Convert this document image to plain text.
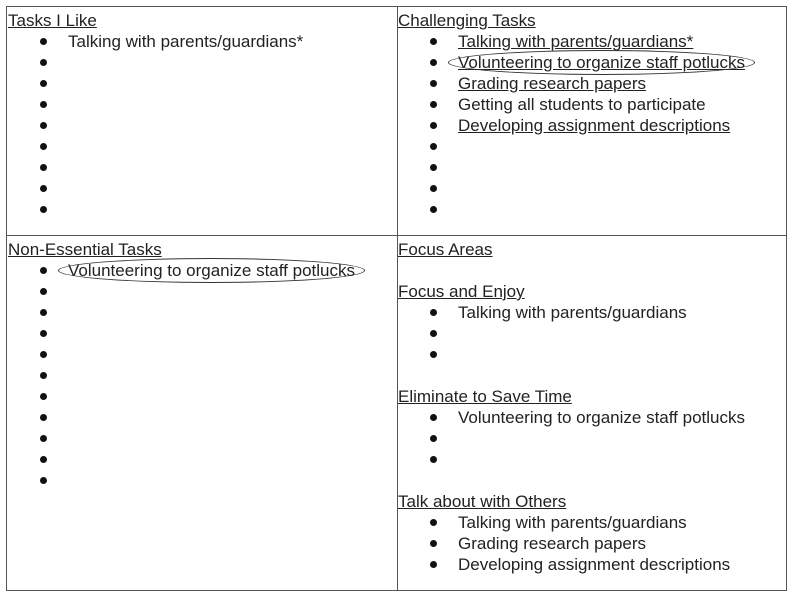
Tasks I Like
Talking with parents/guardians*
Challenging Tasks
Talking with parents/guardians*
Volunteering to organize staff potlucks
Grading research papers
Getting all students to participate
Developing assignment descriptions
Non-Essential Tasks
Volunteering to organize staff potlucks
Focus Areas
Focus and Enjoy
Talking with parents/guardians
Eliminate to Save Time
Volunteering to organize staff potlucks
Talk about with Others
Talking with parents/guardians
Grading research papers
Developing assignment descriptions
